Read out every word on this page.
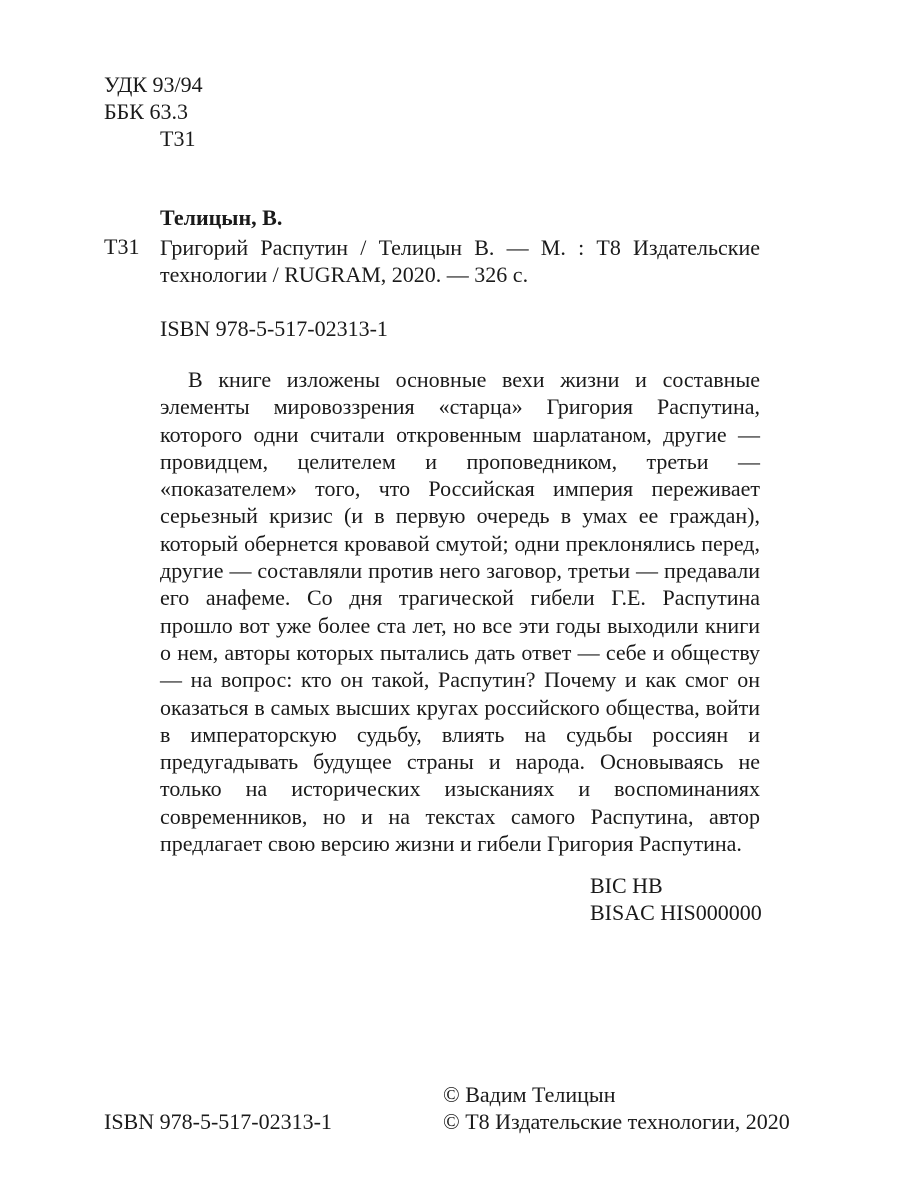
УДК 93/94
ББК 63.3
Т31
Телицын, В.
Т31 Григорий Распутин / Телицын В. — М. : Т8 Издательские технологии / RUGRAM, 2020. — 326 с.
ISBN 978-5-517-02313-1

В книге изложены основные вехи жизни и составные элементы мировоззрения «старца» Григория Распутина, которого одни считали откровенным шарлатаном, другие — провидцем, целителем и проповедником, третьи — «показателем» того, что Российская империя переживает серьезный кризис (и в первую очередь в умах ее граждан), который обернется кровавой смутой; одни преклонялись перед, другие — составляли против него заговор, третьи — предавали его анафеме. Со дня трагической гибели Г.Е. Распутина прошло вот уже более ста лет, но все эти годы выходили книги о нем, авторы которых пытались дать ответ — себе и обществу — на вопрос: кто он такой, Распутин? Почему и как смог он оказаться в самых высших кругах российского общества, войти в императорскую судьбу, влиять на судьбы россиян и предугадывать будущее страны и народа. Основываясь не только на исторических изысканиях и воспоминаниях современников, но и на текстах самого Распутина, автор предлагает свою версию жизни и гибели Григория Распутина.

BIC HB
BISAC HIS000000
© Вадим Телицын
ISBN 978-5-517-02313-1	© Т8 Издательские технологии, 2020
